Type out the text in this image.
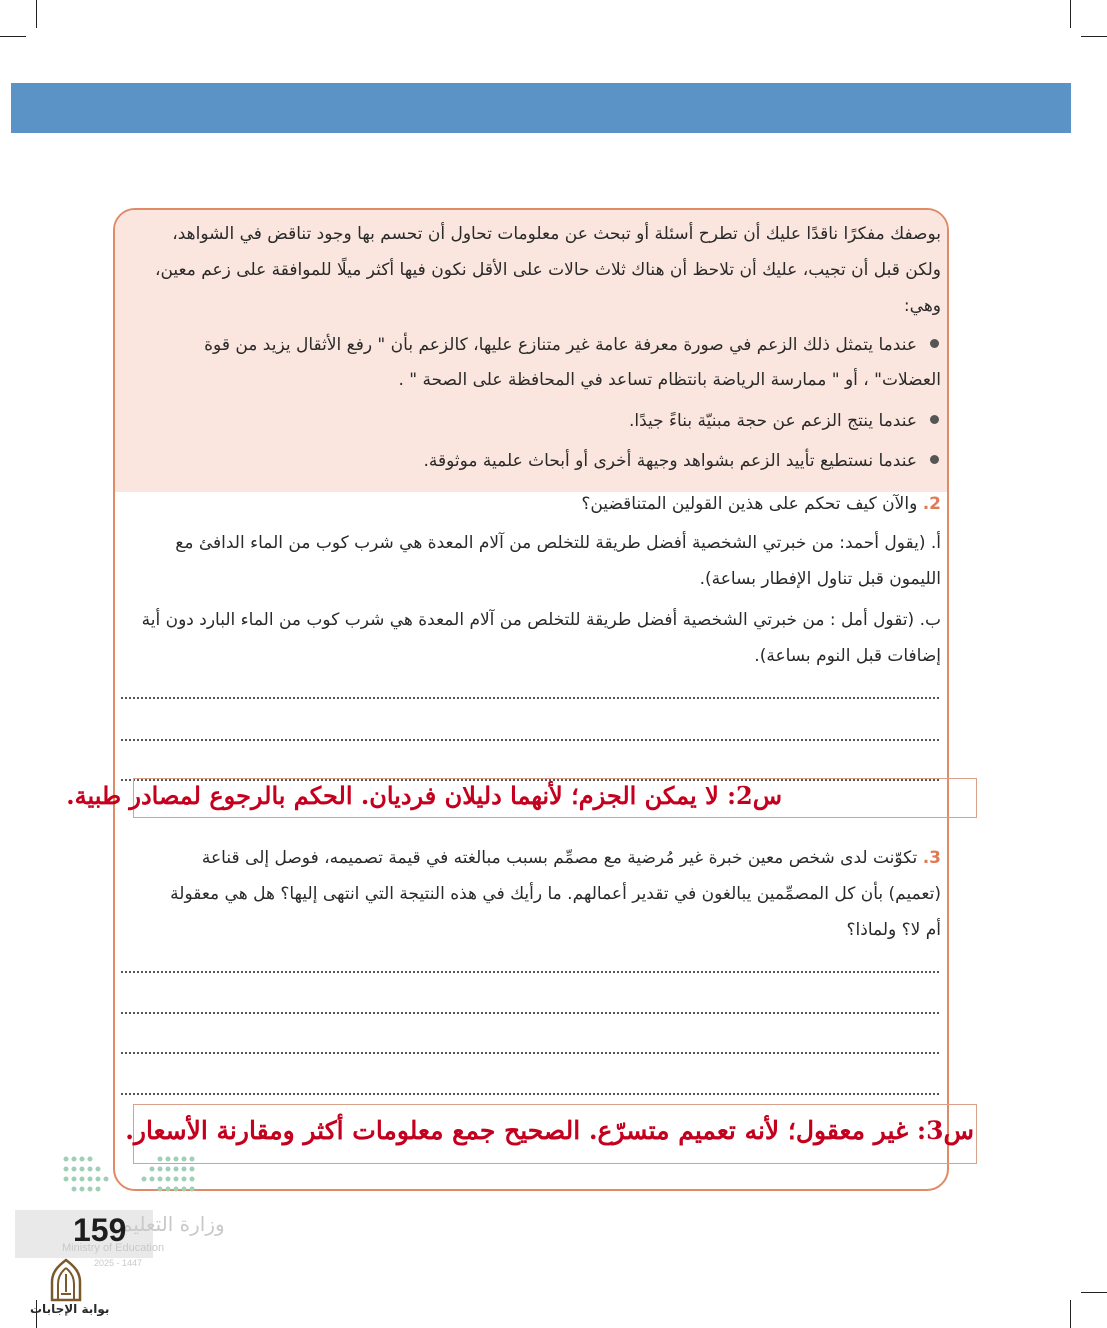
بوصفك مفكرًا ناقدًا عليك أن تطرح أسئلة أو تبحث عن معلومات تحاول أن تحسم بها وجود تناقض في الشواهد،
ولكن قبل أن تجيب، عليك أن تلاحظ أن هناك ثلاث حالات على الأقل نكون فيها أكثر ميلًا للموافقة على زعم معين،
وهي:
عندما يتمثل ذلك الزعم في صورة معرفة عامة غير متنازع عليها، كالزعم بأن " رفع الأثقال يزيد من قوة
العضلات" ، أو " ممارسة الرياضة بانتظام تساعد في المحافظة على الصحة " .
عندما ينتج الزعم عن حجة مبنيّة بناءً جيدًا.
عندما نستطيع تأييد الزعم بشواهد وجيهة أخرى أو أبحاث علمية موثوقة.
2. والآن كيف تحكم على هذين القولين المتناقضين؟
أ. (يقول أحمد: من خبرتي الشخصية أفضل طريقة للتخلص من آلام المعدة هي شرب كوب من الماء الدافئ مع
الليمون قبل تناول الإفطار بساعة).
ب. (تقول أمل : من خبرتي الشخصية أفضل طريقة للتخلص من آلام المعدة هي شرب كوب من الماء البارد دون أية
إضافات قبل النوم بساعة).
س2: لا يمكن الجزم؛ لأنهما دليلان فرديان. الحكم بالرجوع لمصادر طبية.
3. تكوّنت لدى شخص معين خبرة غير مُرضية مع مصمِّم بسبب مبالغته في قيمة تصميمه، فوصل إلى قناعة
(تعميم) بأن كل المصمِّمين يبالغون في تقدير أعمالهم. ما رأيك في هذه النتيجة التي انتهى إليها؟ هل هي معقولة
أم لا؟ ولماذا؟
س3: غير معقول؛ لأنه تعميم متسرّع. الصحيح جمع معلومات أكثر ومقارنة الأسعار.
وزارة التعليم
Ministry of Education
2025 - 1447
159
بوابة الإجابات
